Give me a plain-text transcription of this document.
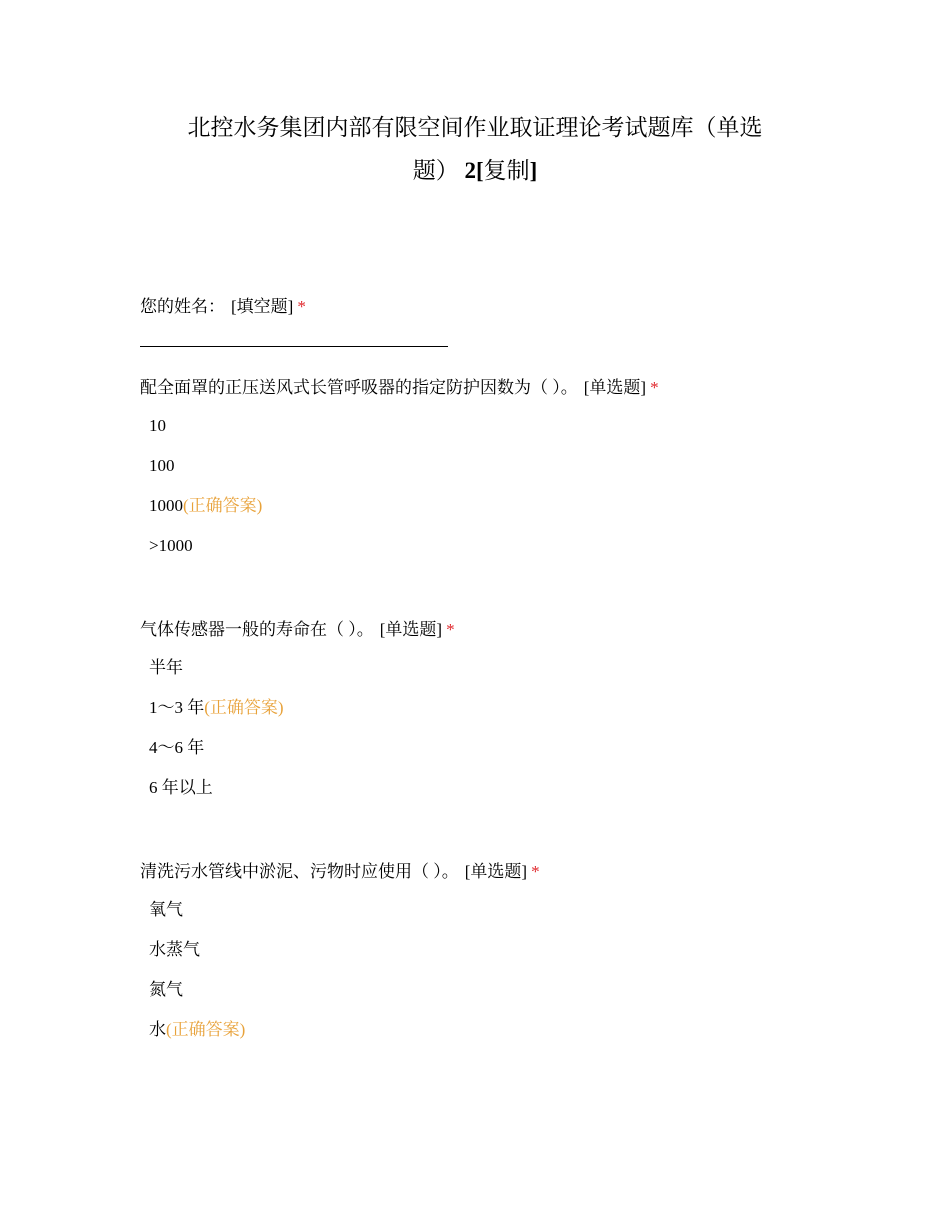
北控水务集团内部有限空间作业取证理论考试题库（单选
题） 2[复制]
您的姓名： [填空题] *
配全面罩的正压送风式长管呼吸器的指定防护因数为（ ）。 [单选题] *
10
100
1000(正确答案)
>1000
气体传感器一般的寿命在（ ）。 [单选题] *
半年
1～3 年(正确答案)
4～6 年
6 年以上
清洗污水管线中淤泥、污物时应使用（ ）。 [单选题] *
氧气
水蒸气
氮气
水(正确答案)
